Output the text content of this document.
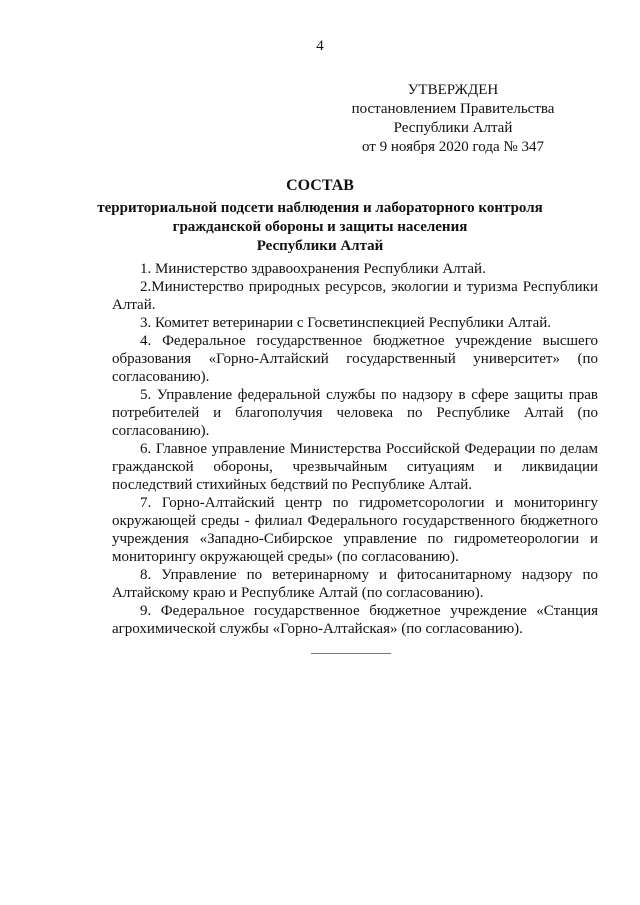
4

УТВЕРЖДЕН
постановлением Правительства
Республики Алтай
от 9 ноября 2020 года № 347
СОСТАВ
территориальной подсети наблюдения и лабораторного контроля
гражданской обороны и защиты населения
Республики Алтай

1. Министерство здравоохранения Республики Алтай.

2.Министерство природных ресурсов, экологии и туризма Республики Алтай.

3. Комитет ветеринарии с Госветинспекцией Республики Алтай.

4. Федеральное государственное бюджетное учреждение высшего образования «Горно-Алтайский государственный университет» (по согласованию).

5. Управление федеральной службы по надзору в сфере защиты прав потребителей и благополучия человека по Республике Алтай (по согласованию).

6. Главное управление Министерства Российской Федерации по делам гражданской обороны, чрезвычайным ситуациям и ликвидации последствий стихийных бедствий по Республике Алтай.

7. Горно-Алтайский центр по гидрометсорологии и мониторингу окружающей среды - филиал Федерального государственного бюджетного учреждения «Западно-Сибирское управление по гидрометеорологии и мониторингу окружающей среды» (по согласованию).

8. Управление по ветеринарному и фитосанитарному надзору по Алтайскому краю и Республике Алтай (по согласованию).

9. Федеральное государственное бюджетное учреждение «Станция агрохимической службы «Горно-Алтайская» (по согласованию).
